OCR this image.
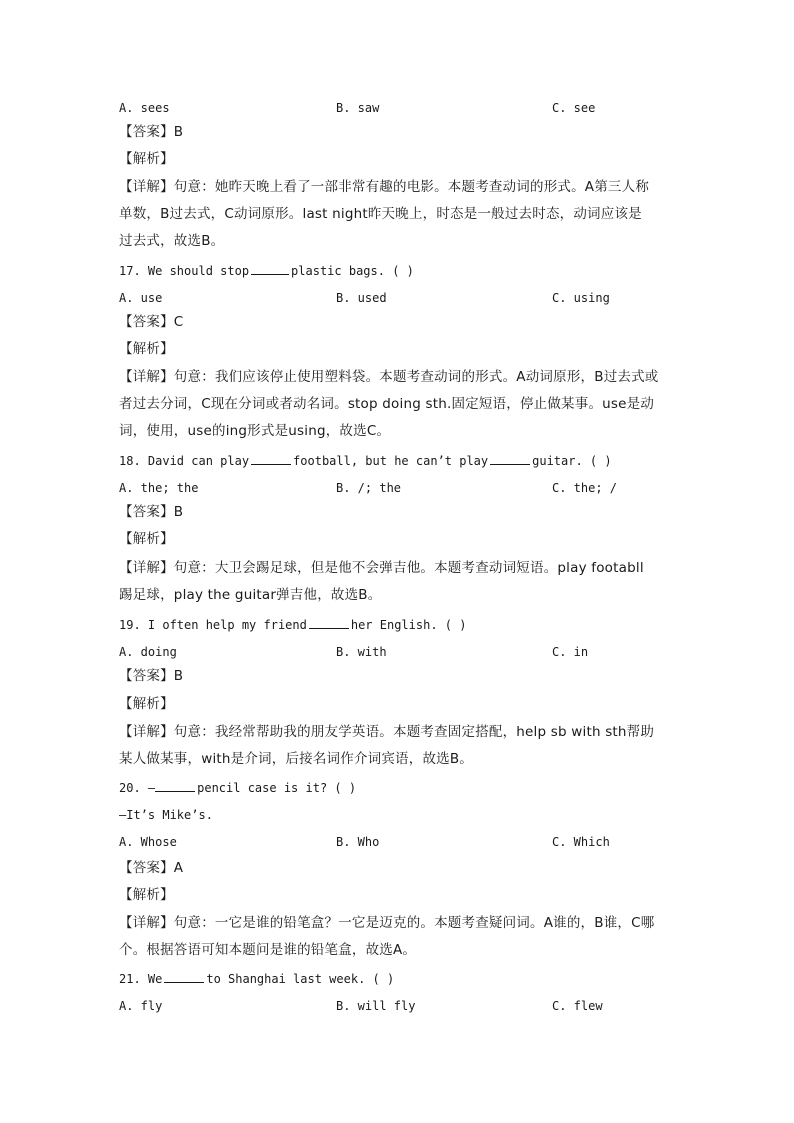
A. sees	B. saw	C. see
【答案】B
【解析】
【详解】句意：她昨天晚上看了一部非常有趣的电影。本题考查动词的形式。A第三人称
单数，B过去式，C动词原形。last night昨天晚上，时态是一般过去时态，动词应该是
过去式，故选B。
17. We should stop	plastic bags. ( )
A. use	B. used	C. using
【答案】C
【解析】
【详解】句意：我们应该停止使用塑料袋。本题考查动词的形式。A动词原形，B过去式或
者过去分词，C现在分词或者动名词。stop doing sth.固定短语，停止做某事。use是动
词，使用，use的ing形式是using，故选C。
18. David can play	football, but he can’t play	guitar. ( )
A. the; the	B. /; the	C. the; /
【答案】B
【解析】
【详解】句意：大卫会踢足球，但是他不会弹吉他。本题考查动词短语。play footabll
踢足球，play the guitar弹吉他，故选B。
19. I often help my friend	her English. ( )
A. doing	B. with	C. in
【答案】B
【解析】
【详解】句意：我经常帮助我的朋友学英语。本题考查固定搭配，help sb with sth帮助
某人做某事，with是介词，后接名词作介词宾语，故选B。
20. —	pencil case is it? ( )
—It’s Mike’s.
A. Whose	B. Who	C. Which
【答案】A
【解析】
【详解】句意：一它是谁的铅笔盒？一它是迈克的。本题考查疑问词。A谁的，B谁，C哪
个。根据答语可知本题问是谁的铅笔盒，故选A。
21. We	to Shanghai last week. ( )
A. fly	B. will fly	C. flew
